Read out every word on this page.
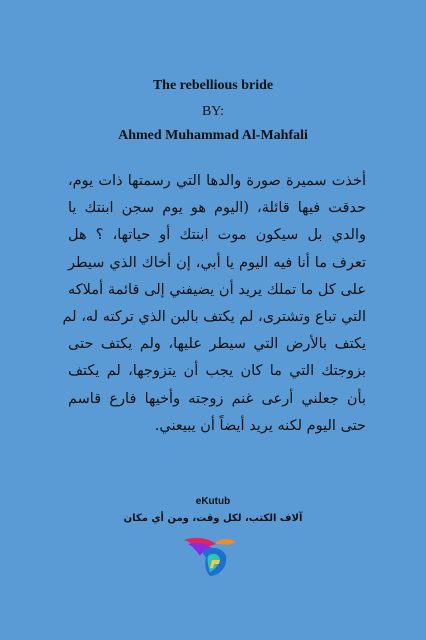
The rebellious bride
BY:
Ahmed Muhammad Al-Mahfali
أخذت سميرة صورة والدها التي رسمتها ذات يوم،
حدقت فيها قائلة، (اليوم هو يوم سجن ابنتك يا
والدي بل سيكون موت ابنتك أو حياتها، ؟ هل
تعرف ما أنا فيه اليوم يا أبي، إن أخاك الذي سيطر
على كل ما تملك يريد أن يضيفني إلى قائمة أملاكه
التي تباع وتشترى، لم يكتف بالبن الذي تركته له، لم
يكتف بالأرض التي سيطر عليها، ولم يكتف حتى
بزوجتك التي ما كان يجب أن يتزوجها، لم يكتف
بأن جعلني أرعى غنم زوجته وأخيها فارع قاسم
حتى اليوم لكنه يريد أيضاً أن يبيعني.
eKutub
آلاف الكتب، لكل وقت، ومن أي مكان
